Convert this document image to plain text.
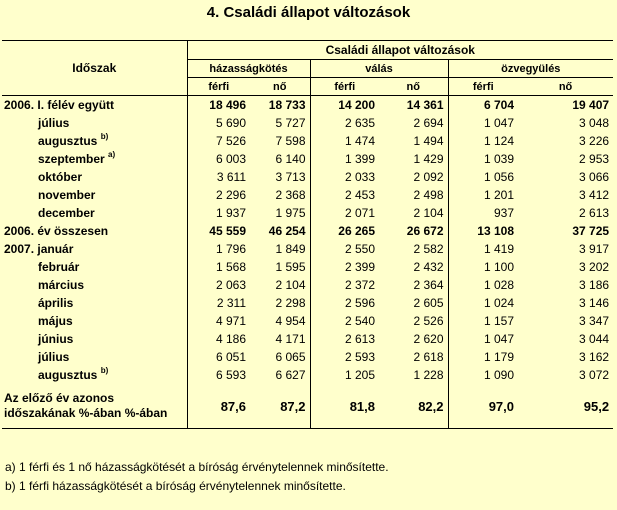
4. Családi állapot változások
Időszak	Családi állapot változások					
	házasságkötés		válás		özvegyülés	
	férfi	nő	férfi	nő	férfi	nő
2006. I. félév együtt	18 496	18 733	14 200	14 361	6 704	19 407
július	5 690	5 727	2 635	2 694	1 047	3 048
augusztus $^{b)}$	7 526	7 598	1 474	1 494	1 124	3 226
szeptember $^{a)}$	6 003	6 140	1 399	1 429	1 039	2 953
október	3 611	3 713	2 033	2 092	1 056	3 066
november	2 296	2 368	2 453	2 498	1 201	3 412
december	1 937	1 975	2 071	2 104	937	2 613
2006. év összesen	45 559	46 254	26 265	26 672	13 108	37 725
2007. január	1 796	1 849	2 550	2 582	1 419	3 917
február	1 568	1 595	2 399	2 432	1 100	3 202
március	2 063	2 104	2 372	2 364	1 028	3 186
április	2 311	2 298	2 596	2 605	1 024	3 146
május	4 971	4 954	2 540	2 526	1 157	3 347
június	4 186	4 171	2 613	2 620	1 047	3 044
július	6 051	6 065	2 593	2 618	1 179	3 162
augusztus $^{b)}$	6 593	6 627	1 205	1 228	1 090	3 072

Az előző év azonos
időszakának %-ában %-ában	87,6	87,2	81,8	82,2	97,0	95,2
a) 1 férfi és 1 nő házasságkötését a bíróság érvénytelennek minősítette.
b) 1 férfi házasságkötését a bíróság érvénytelennek minősítette.
